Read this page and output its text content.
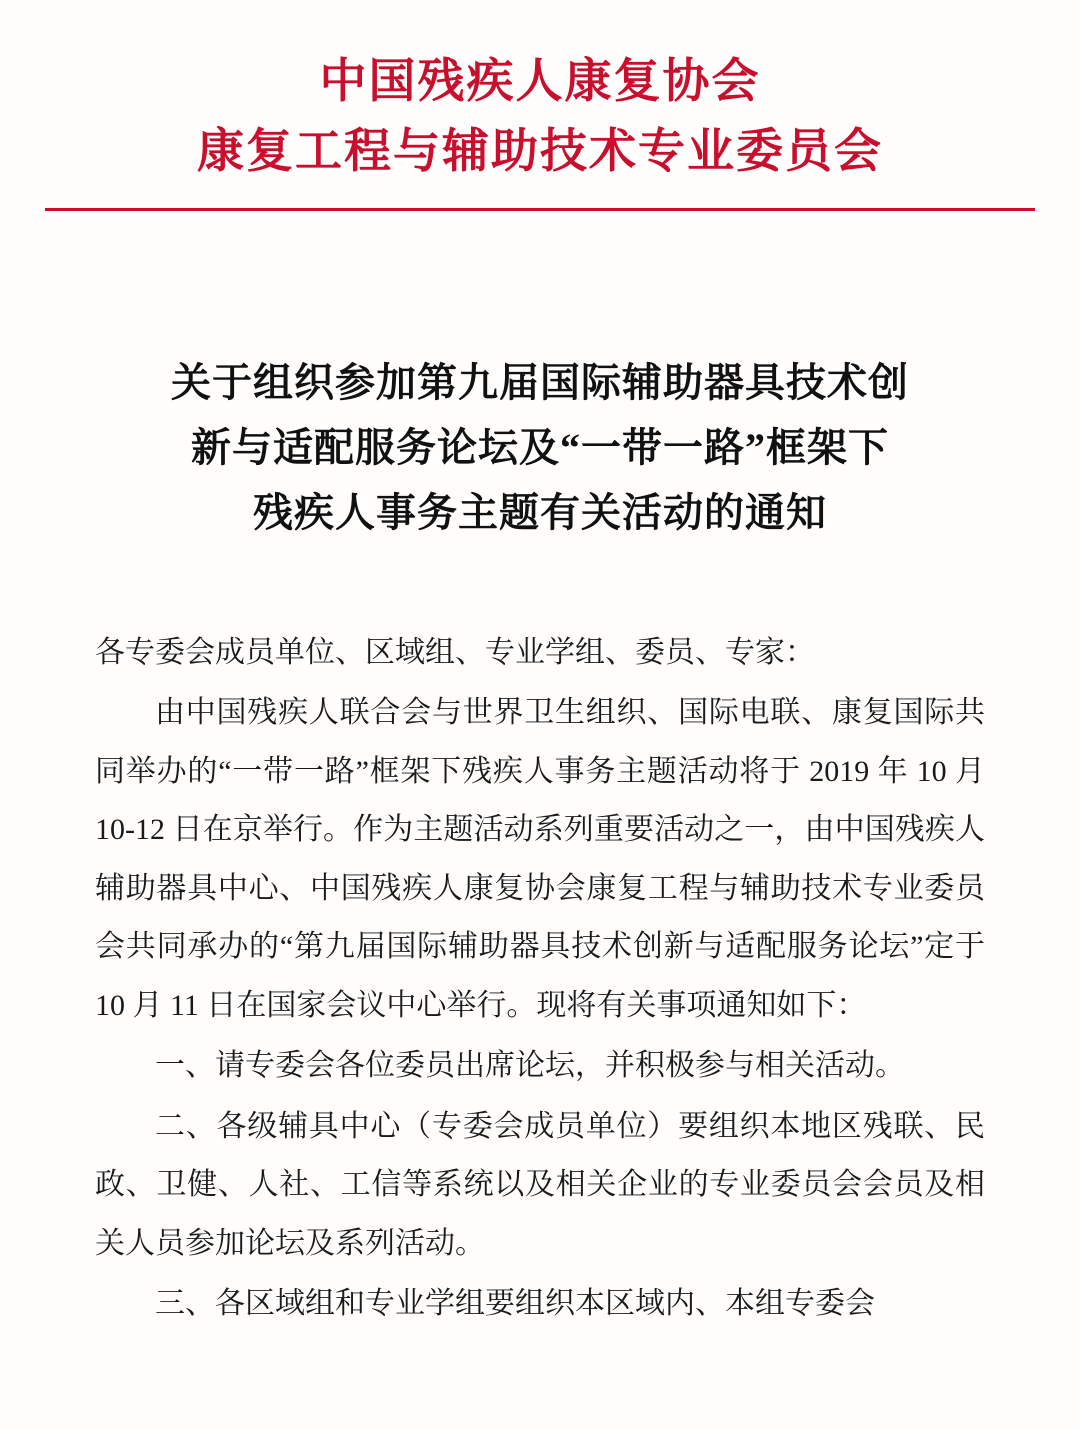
中国残疾人康复协会
康复工程与辅助技术专业委员会
关于组织参加第九届国际辅助器具技术创
新与适配服务论坛及“一带一路”框架下
残疾人事务主题有关活动的通知

各专委会成员单位、区域组、专业学组、委员、专家：

由中国残疾人联合会与世界卫生组织、国际电联、康复国际共同举办的“一带一路”框架下残疾人事务主题活动将于 2019 年 10 月 10-12 日在京举行。作为主题活动系列重要活动之一，由中国残疾人辅助器具中心、中国残疾人康复协会康复工程与辅助技术专业委员会共同承办的“第九届国际辅助器具技术创新与适配服务论坛”定于 10 月 11 日在国家会议中心举行。现将有关事项通知如下：

一、请专委会各位委员出席论坛，并积极参与相关活动。

二、各级辅具中心（专委会成员单位）要组织本地区残联、民政、卫健、人社、工信等系统以及相关企业的专业委员会会员及相关人员参加论坛及系列活动。

三、各区域组和专业学组要组织本区域内、本组专委会
